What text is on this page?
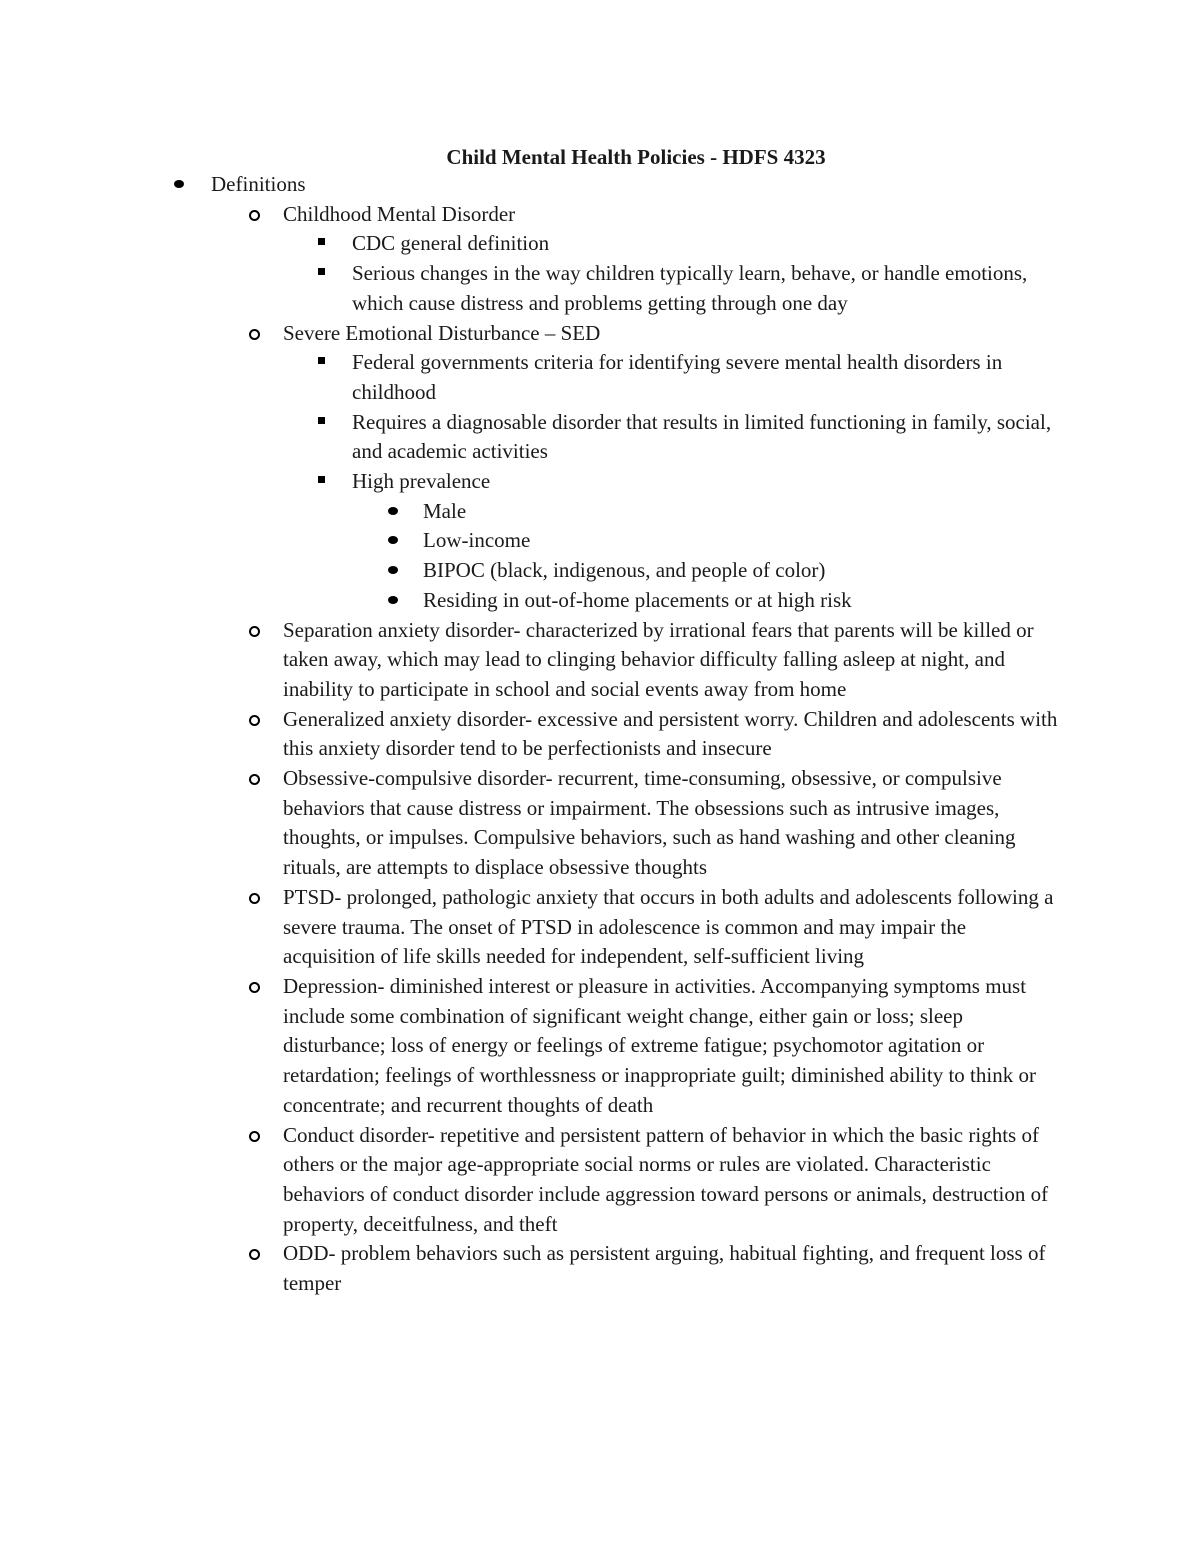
Child Mental Health Policies - HDFS 4323
Definitions
Childhood Mental Disorder
CDC general definition
Serious changes in the way children typically learn, behave, or handle emotions, which cause distress and problems getting through one day
Severe Emotional Disturbance – SED
Federal governments criteria for identifying severe mental health disorders in childhood
Requires a diagnosable disorder that results in limited functioning in family, social, and academic activities
High prevalence
Male
Low-income
BIPOC (black, indigenous, and people of color)
Residing in out-of-home placements or at high risk
Separation anxiety disorder- characterized by irrational fears that parents will be killed or taken away, which may lead to clinging behavior difficulty falling asleep at night, and inability to participate in school and social events away from home
Generalized anxiety disorder- excessive and persistent worry. Children and adolescents with this anxiety disorder tend to be perfectionists and insecure
Obsessive-compulsive disorder- recurrent, time-consuming, obsessive, or compulsive behaviors that cause distress or impairment. The obsessions such as intrusive images, thoughts, or impulses. Compulsive behaviors, such as hand washing and other cleaning rituals, are attempts to displace obsessive thoughts
PTSD- prolonged, pathologic anxiety that occurs in both adults and adolescents following a severe trauma. The onset of PTSD in adolescence is common and may impair the acquisition of life skills needed for independent, self-sufficient living
Depression- diminished interest or pleasure in activities. Accompanying symptoms must include some combination of significant weight change, either gain or loss; sleep disturbance; loss of energy or feelings of extreme fatigue; psychomotor agitation or retardation; feelings of worthlessness or inappropriate guilt; diminished ability to think or concentrate; and recurrent thoughts of death
Conduct disorder- repetitive and persistent pattern of behavior in which the basic rights of others or the major age-appropriate social norms or rules are violated. Characteristic behaviors of conduct disorder include aggression toward persons or animals, destruction of property, deceitfulness, and theft
ODD- problem behaviors such as persistent arguing, habitual fighting, and frequent loss of temper
